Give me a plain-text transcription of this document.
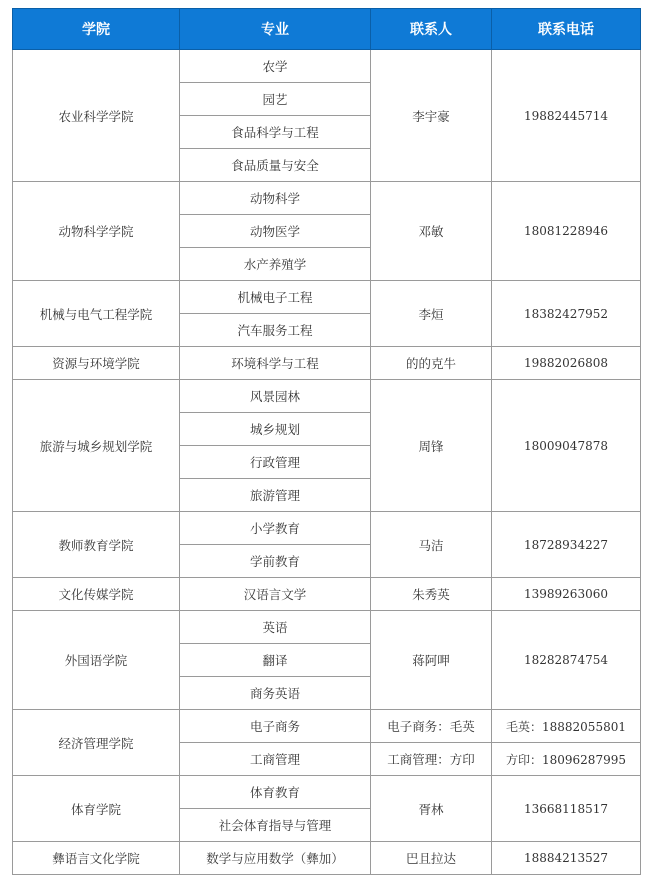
学院	专业	联系人	联系电话
农业科学学院	农学	李宇豪	19882445714
	园艺		
	食品科学与工程		
	食品质量与安全		
动物科学学院	动物科学	邓敏	18081228946
	动物医学		
	水产养殖学		
机械与电气工程学院	机械电子工程	李烜	18382427952
	汽车服务工程		
资源与环境学院	环境科学与工程	的的克牛	19882026808
旅游与城乡规划学院	风景园林	周锋	18009047878
	城乡规划		
	行政管理		
	旅游管理		
教师教育学院	小学教育	马洁	18728934227
	学前教育		
文化传媒学院	汉语言文学	朱秀英	13989263060
外国语学院	英语	蒋阿呷	18282874754
	翻译		
	商务英语		
经济管理学院	电子商务	电子商务：毛英	毛英：18882055801
	工商管理	工商管理：方印	方印：18096287995
体育学院	体育教育	胥林	13668118517
	社会体育指导与管理		
彝语言文化学院	数学与应用数学（彝加）	巴且拉达	18884213527
